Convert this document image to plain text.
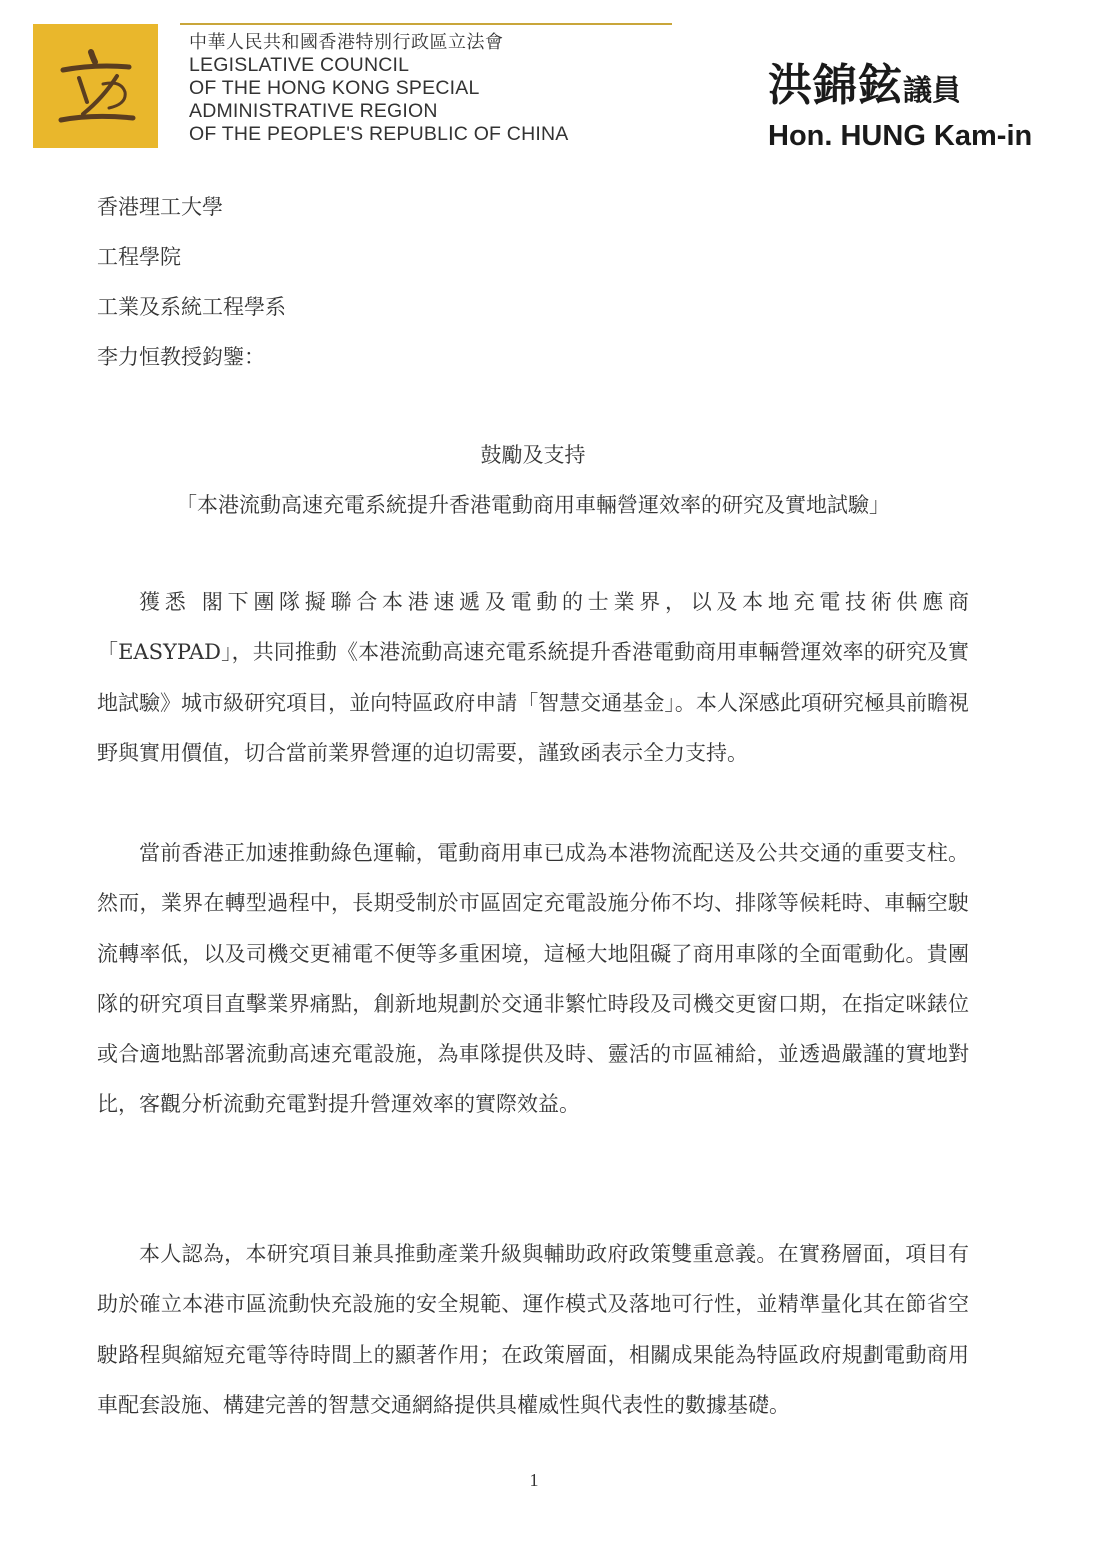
中華人民共和國香港特別行政區立法會
LEGISLATIVE COUNCIL
OF THE HONG KONG SPECIAL
ADMINISTRATIVE REGION
OF THE PEOPLE'S REPUBLIC OF CHINA
洪錦鉉議員
Hon. HUNG Kam-in
香港理工大學
工程學院
工業及系統工程學系
李力恒教授鈞鑒：
鼓勵及支持
「本港流動高速充電系統提升香港電動商用車輛營運效率的研究及實地試驗」

獲悉 閣下團隊擬聯合本港速遞及電動的士業界，以及本地充電技術供應商「EASYPAD」，共同推動《本港流動高速充電系統提升香港電動商用車輛營運效率的研究及實地試驗》城市級研究項目，並向特區政府申請「智慧交通基金」。本人深感此項研究極具前瞻視野與實用價值，切合當前業界營運的迫切需要，謹致函表示全力支持。

當前香港正加速推動綠色運輸，電動商用車已成為本港物流配送及公共交通的重要支柱。然而，業界在轉型過程中，長期受制於市區固定充電設施分佈不均、排隊等候耗時、車輛空駛流轉率低，以及司機交更補電不便等多重困境，這極大地阻礙了商用車隊的全面電動化。貴團隊的研究項目直擊業界痛點，創新地規劃於交通非繁忙時段及司機交更窗口期，在指定咪錶位或合適地點部署流動高速充電設施，為車隊提供及時、靈活的市區補給，並透過嚴謹的實地對比，客觀分析流動充電對提升營運效率的實際效益。

本人認為，本研究項目兼具推動產業升級與輔助政府政策雙重意義。在實務層面，項目有助於確立本港市區流動快充設施的安全規範、運作模式及落地可行性，並精準量化其在節省空駛路程與縮短充電等待時間上的顯著作用；在政策層面，相關成果能為特區政府規劃電動商用車配套設施、構建完善的智慧交通網絡提供具權威性與代表性的數據基礎。

1
